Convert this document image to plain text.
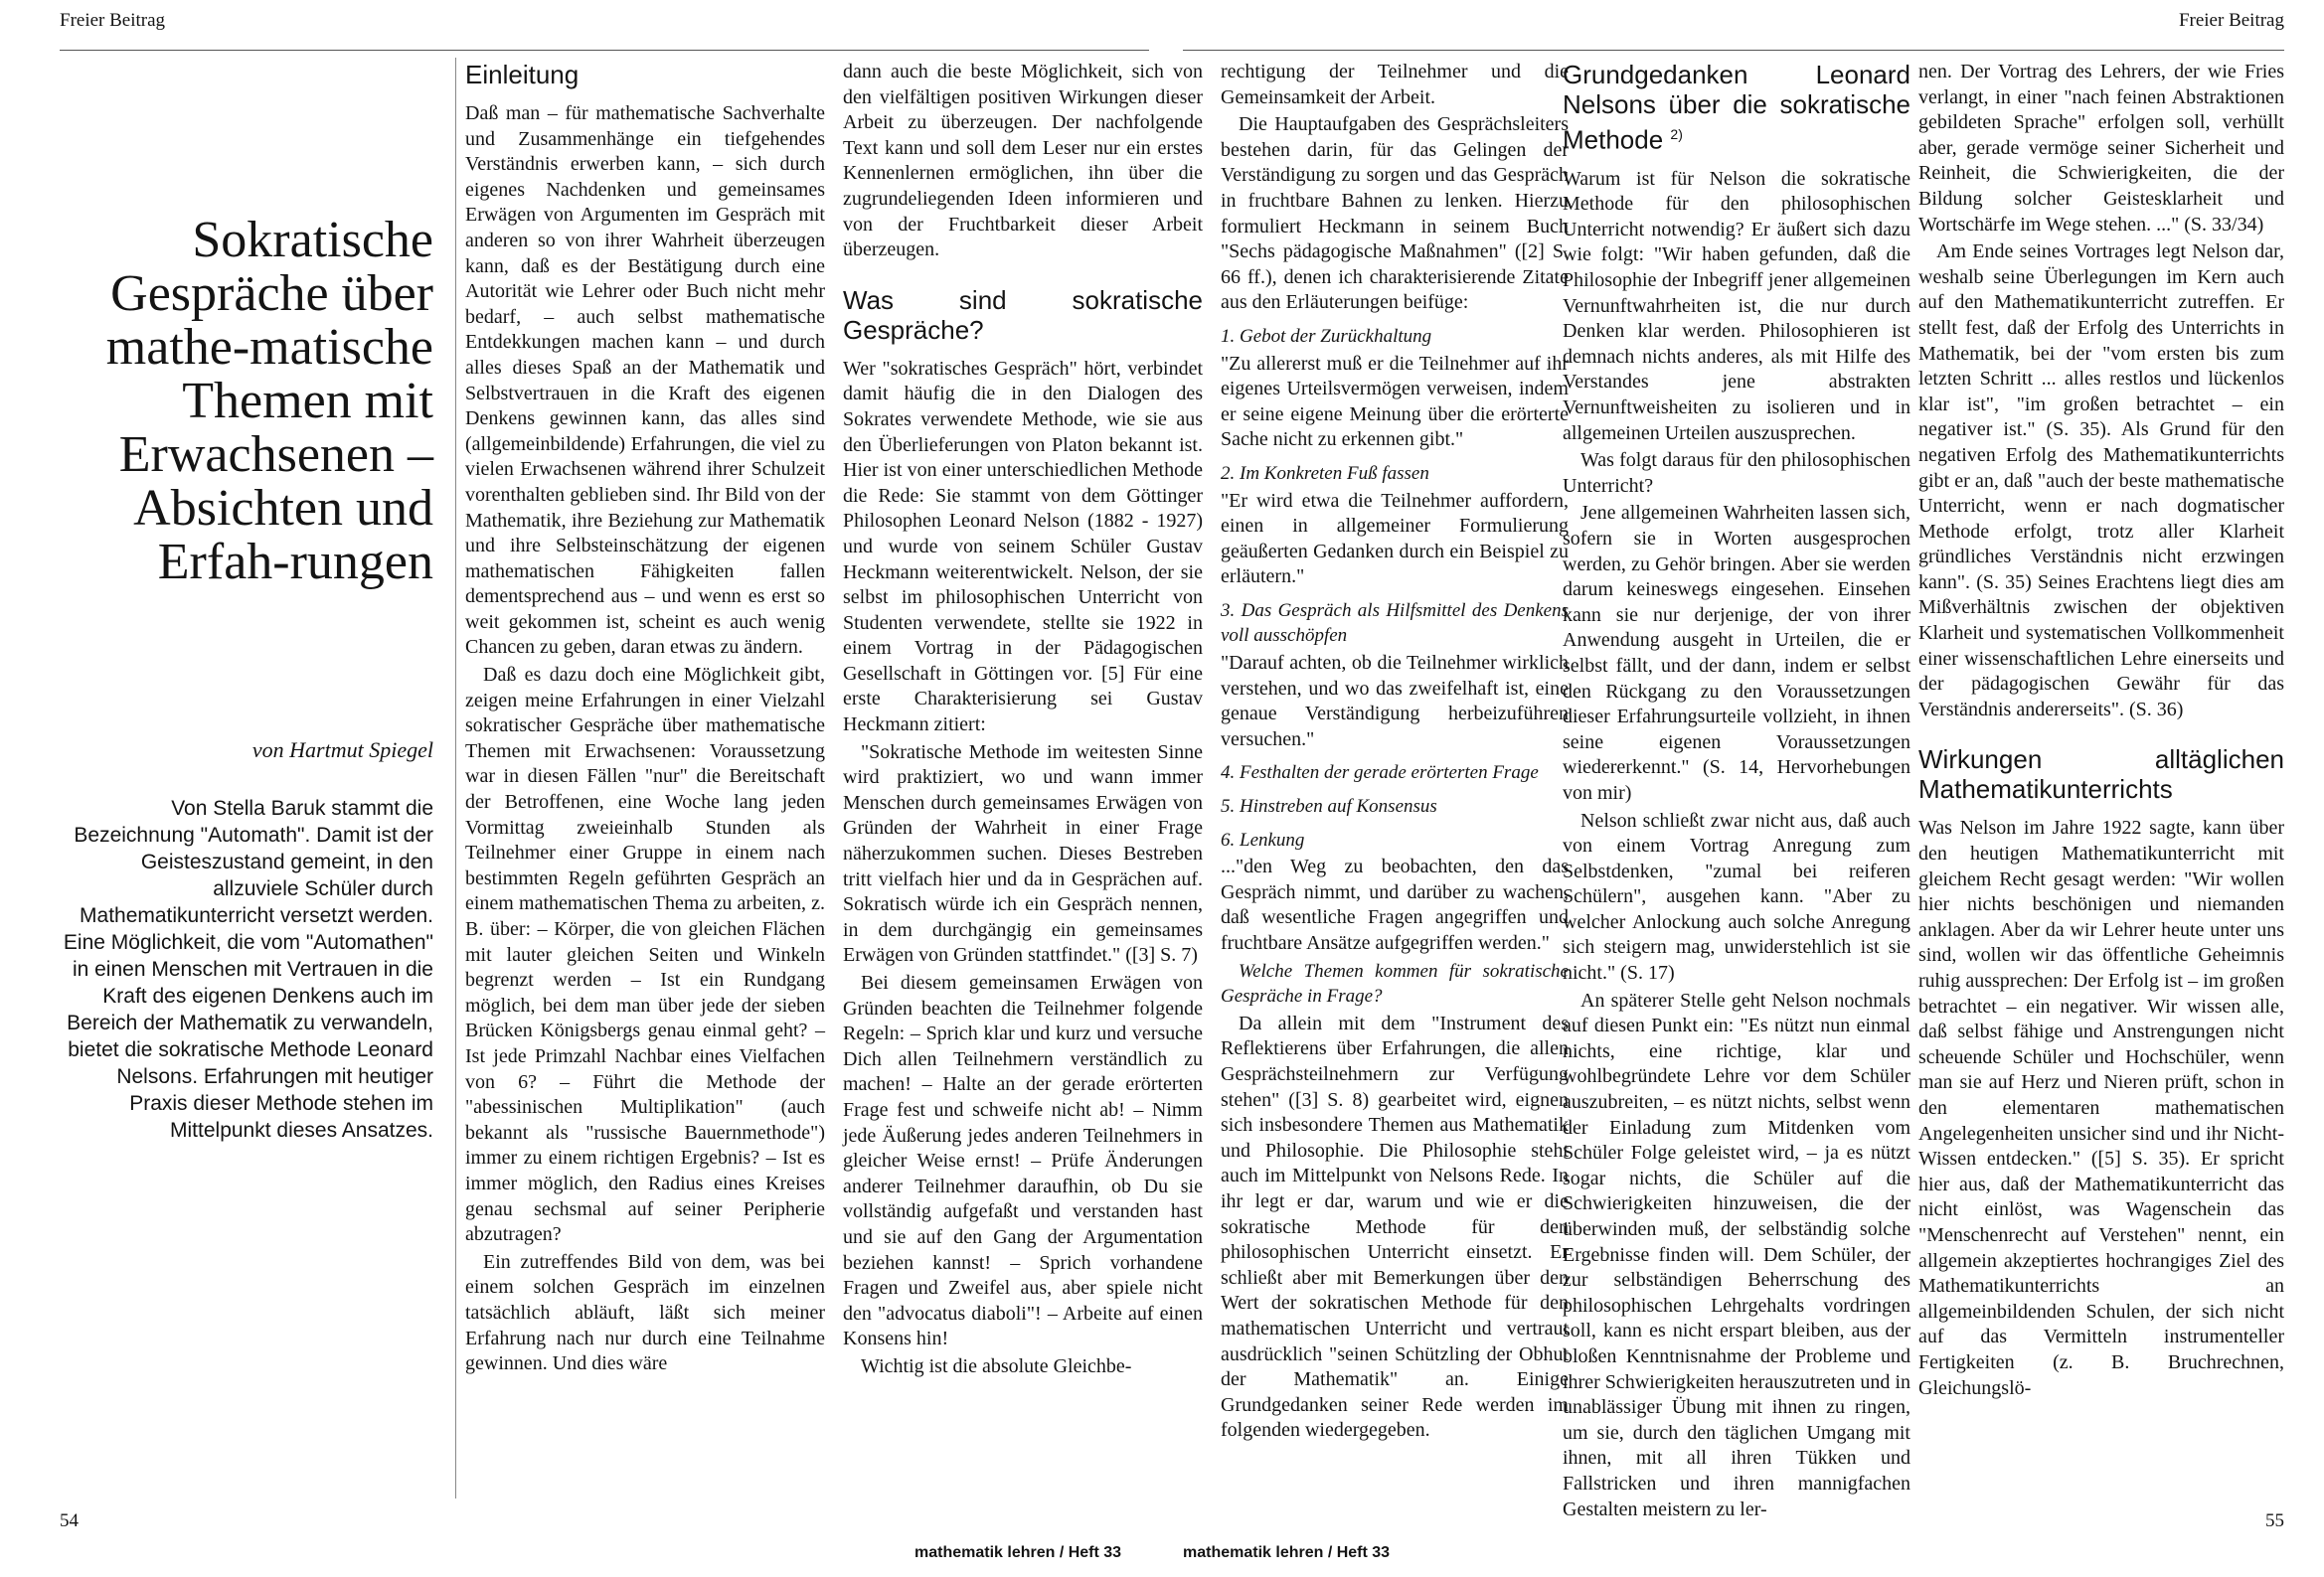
Freier Beitrag	Freier Beitrag
Sokratische Gespräche über mathe-matische Themen mit Erwachsenen – Absichten und Erfah-rungen
von Hartmut Spiegel
Von Stella Baruk stammt die Bezeichnung "Automath". Damit ist der Geisteszustand gemeint, in den allzuviele Schüler durch Mathematikunterricht versetzt werden. Eine Möglichkeit, die vom "Automathen" in einen Menschen mit Vertrauen in die Kraft des eigenen Denkens auch im Bereich der Mathematik zu verwandeln, bietet die sokratische Methode Leonard Nelsons. Erfahrungen mit heutiger Praxis dieser Methode stehen im Mittelpunkt dieses Ansatzes.
Einleitung

Daß man – für mathematische Sachverhalte und Zusammenhänge ein tiefgehendes Verständnis erwerben kann, – sich durch eigenes Nachdenken und gemeinsames Erwägen von Argumenten im Gespräch mit anderen so von ihrer Wahrheit überzeugen kann, daß es der Bestätigung durch eine Autorität wie Lehrer oder Buch nicht mehr bedarf, – auch selbst mathematische Entdekkungen machen kann – und durch alles dieses Spaß an der Mathematik und Selbstvertrauen in die Kraft des eigenen Denkens gewinnen kann, das alles sind (allgemeinbildende) Erfahrungen, die viel zu vielen Erwachsenen während ihrer Schulzeit vorenthalten geblieben sind. Ihr Bild von der Mathematik, ihre Beziehung zur Mathematik und ihre Selbsteinschätzung der eigenen mathematischen Fähigkeiten fallen dementsprechend aus – und wenn es erst so weit gekommen ist, scheint es auch wenig Chancen zu geben, daran etwas zu ändern.

Daß es dazu doch eine Möglichkeit gibt, zeigen meine Erfahrungen in einer Vielzahl sokratischer Gespräche über mathematische Themen mit Erwachsenen: Voraussetzung war in diesen Fällen "nur" die Bereitschaft der Betroffenen, eine Woche lang jeden Vormittag zweieinhalb Stunden als Teilnehmer einer Gruppe in einem nach bestimmten Regeln geführten Gespräch an einem mathematischen Thema zu arbeiten, z. B. über: – Körper, die von gleichen Flächen mit lauter gleichen Seiten und Winkeln begrenzt werden – Ist ein Rundgang möglich, bei dem man über jede der sieben Brücken Königsbergs genau einmal geht? – Ist jede Primzahl Nachbar eines Vielfachen von 6? – Führt die Methode der "abessinischen Multiplikation" (auch bekannt als "russische Bauernmethode") immer zu einem richtigen Ergebnis? – Ist es immer möglich, den Radius eines Kreises genau sechsmal auf seiner Peripherie abzutragen?

Ein zutreffendes Bild von dem, was bei einem solchen Gespräch im einzelnen tatsächlich abläuft, läßt sich meiner Erfahrung nach nur durch eine Teilnahme gewinnen. Und dies wäre

dann auch die beste Möglichkeit, sich von den vielfältigen positiven Wirkungen dieser Arbeit zu überzeugen. Der nachfolgende Text kann und soll dem Leser nur ein erstes Kennenlernen ermöglichen, ihn über die zugrundeliegenden Ideen informieren und von der Fruchtbarkeit dieser Arbeit überzeugen.

Was sind sokratische Gespräche?

Wer "sokratisches Gespräch" hört, verbindet damit häufig die in den Dialogen des Sokrates verwendete Methode, wie sie aus den Überlieferungen von Platon bekannt ist. Hier ist von einer unterschiedlichen Methode die Rede: Sie stammt von dem Göttinger Philosophen Leonard Nelson (1882 - 1927) und wurde von seinem Schüler Gustav Heckmann weiterentwickelt. Nelson, der sie selbst im philosophischen Unterricht von Studenten verwendete, stellte sie 1922 in einem Vortrag in der Pädagogischen Gesellschaft in Göttingen vor. [5] Für eine erste Charakterisierung sei Gustav Heckmann zitiert:

"Sokratische Methode im weitesten Sinne wird praktiziert, wo und wann immer Menschen durch gemeinsames Erwägen von Gründen der Wahrheit in einer Frage näherzukommen suchen. Dieses Bestreben tritt vielfach hier und da in Gesprächen auf. Sokratisch würde ich ein Gespräch nennen, in dem durchgängig ein gemeinsames Erwägen von Gründen stattfindet." ([3] S. 7)

Bei diesem gemeinsamen Erwägen von Gründen beachten die Teilnehmer folgende Regeln: – Sprich klar und kurz und versuche Dich allen Teilnehmern verständlich zu machen! – Halte an der gerade erörterten Frage fest und schweife nicht ab! – Nimm jede Äußerung jedes anderen Teilnehmers in gleicher Weise ernst! – Prüfe Änderungen anderer Teilnehmer daraufhin, ob Du sie vollständig aufgefaßt und verstanden hast und sie auf den Gang der Argumentation beziehen kannst! – Sprich vorhandene Fragen und Zweifel aus, aber spiele nicht den "advocatus diaboli"! – Arbeite auf einen Konsens hin!

Wichtig ist die absolute Gleichbe-

rechtigung der Teilnehmer und die Gemeinsamkeit der Arbeit.

Die Hauptaufgaben des Gesprächsleiters bestehen darin, für das Gelingen der Verständigung zu sorgen und das Gespräch in fruchtbare Bahnen zu lenken. Hierzu formuliert Heckmann in seinem Buch "Sechs pädagogische Maßnahmen" ([2] S. 66 ff.), denen ich charakterisierende Zitate aus den Erläuterungen beifüge:

1. Gebot der Zurückhaltung

"Zu allererst muß er die Teilnehmer auf ihr eigenes Urteilsvermögen verweisen, indem er seine eigene Meinung über die erörterte Sache nicht zu erkennen gibt."

2. Im Konkreten Fuß fassen

"Er wird etwa die Teilnehmer auffordern, einen in allgemeiner Formulierung geäußerten Gedanken durch ein Beispiel zu erläutern."

3. Das Gespräch als Hilfsmittel des Denkens voll ausschöpfen

"Darauf achten, ob die Teilnehmer wirklich verstehen, und wo das zweifelhaft ist, eine genaue Verständigung herbeizuführen versuchen."

4. Festhalten der gerade erörterten Frage

5. Hinstreben auf Konsensus

6. Lenkung

..."den Weg zu beobachten, den das Gespräch nimmt, und darüber zu wachen, daß wesentliche Fragen angegriffen und fruchtbare Ansätze aufgegriffen werden."

Welche Themen kommen für sokratische Gespräche in Frage?

Da allein mit dem "Instrument des Reflektierens über Erfahrungen, die allen Gesprächsteilnehmern zur Verfügung stehen" ([3] S. 8) gearbeitet wird, eignen sich insbesondere Themen aus Mathematik und Philosophie. Die Philosophie steht auch im Mittelpunkt von Nelsons Rede. In ihr legt er dar, warum und wie er die sokratische Methode für den philosophischen Unterricht einsetzt. Er schließt aber mit Bemerkungen über den Wert der sokratischen Methode für den mathematischen Unterricht und vertraut ausdrücklich "seinen Schützling der Obhut der Mathematik" an. Einige Grundgedanken seiner Rede werden im folgenden wiedergegeben.

Grundgedanken Leonard Nelsons über die sokratische Methode $^{2)}$

Warum ist für Nelson die sokratische Methode für den philosophischen Unterricht notwendig? Er äußert sich dazu wie folgt: "Wir haben gefunden, daß die Philosophie der Inbegriff jener allgemeinen Vernunftwahrheiten ist, die nur durch Denken klar werden. Philosophieren ist demnach nichts anderes, als mit Hilfe des Verstandes jene abstrakten Vernunftweisheiten zu isolieren und in allgemeinen Urteilen auszusprechen.

Was folgt daraus für den philosophischen Unterricht?

Jene allgemeinen Wahrheiten lassen sich, sofern sie in Worten ausgesprochen werden, zu Gehör bringen. Aber sie werden darum keineswegs eingesehen. Einsehen kann sie nur derjenige, der von ihrer Anwendung ausgeht in Urteilen, die er selbst fällt, und der dann, indem er selbst den Rückgang zu den Voraussetzungen dieser Erfahrungsurteile vollzieht, in ihnen seine eigenen Voraussetzungen wiedererkennt." (S. 14, Hervorhebungen von mir)

Nelson schließt zwar nicht aus, daß auch von einem Vortrag Anregung zum Selbstdenken, "zumal bei reiferen Schülern", ausgehen kann. "Aber zu welcher Anlockung auch solche Anregung sich steigern mag, unwiderstehlich ist sie nicht." (S. 17)

An späterer Stelle geht Nelson nochmals auf diesen Punkt ein: "Es nützt nun einmal nichts, eine richtige, klar und wohlbegründete Lehre vor dem Schüler auszubreiten, – es nützt nichts, selbst wenn der Einladung zum Mitdenken vom Schüler Folge geleistet wird, – ja es nützt sogar nichts, die Schüler auf die Schwierigkeiten hinzuweisen, die der überwinden muß, der selbständig solche Ergebnisse finden will. Dem Schüler, der zur selbständigen Beherrschung des philosophischen Lehrgehalts vordringen soll, kann es nicht erspart bleiben, aus der bloßen Kenntnisnahme der Probleme und ihrer Schwierigkeiten herauszutreten und in unablässiger Übung mit ihnen zu ringen, um sie, durch den täglichen Umgang mit ihnen, mit all ihren Tükken und Fallstricken und ihren mannigfachen Gestalten meistern zu ler-

nen. Der Vortrag des Lehrers, der wie Fries verlangt, in einer "nach feinen Abstraktionen gebildeten Sprache" erfolgen soll, verhüllt aber, gerade vermöge seiner Sicherheit und Reinheit, die Schwierigkeiten, die der Bildung solcher Geistesklarheit und Wortschärfe im Wege stehen. ..." (S. 33/34)

Am Ende seines Vortrages legt Nelson dar, weshalb seine Überlegungen im Kern auch auf den Mathematikunterricht zutreffen. Er stellt fest, daß der Erfolg des Unterrichts in Mathematik, bei der "vom ersten bis zum letzten Schritt ... alles restlos und lückenlos klar ist", "im großen betrachtet – ein negativer ist." (S. 35). Als Grund für den negativen Erfolg des Mathematikunterrichts gibt er an, daß "auch der beste mathematische Unterricht, wenn er nach dogmatischer Methode erfolgt, trotz aller Klarheit gründliches Verständnis nicht erzwingen kann". (S. 35) Seines Erachtens liegt dies am Mißverhältnis zwischen der objektiven Klarheit und systematischen Vollkommenheit einer wissenschaftlichen Lehre einerseits und der pädagogischen Gewähr für das Verständnis andererseits". (S. 36)

Wirkungen alltäglichen Mathematikunterrichts

Was Nelson im Jahre 1922 sagte, kann über den heutigen Mathematikunterricht mit gleichem Recht gesagt werden: "Wir wollen hier nichts beschönigen und niemanden anklagen. Aber da wir Lehrer heute unter uns sind, wollen wir das öffentliche Geheimnis ruhig aussprechen: Der Erfolg ist – im großen betrachtet – ein negativer. Wir wissen alle, daß selbst fähige und Anstrengungen nicht scheuende Schüler und Hochschüler, wenn man sie auf Herz und Nieren prüft, schon in den elementaren mathematischen Angelegenheiten unsicher sind und ihr Nicht-Wissen entdecken." ([5] S. 35). Er spricht hier aus, daß der Mathematikunterricht das nicht einlöst, was Wagenschein das "Menschenrecht auf Verstehen" nennt, ein allgemein akzeptiertes hochrangiges Ziel des Mathematikunterrichts an allgemeinbildenden Schulen, der sich nicht auf das Vermitteln instrumenteller Fertigkeiten (z. B. Bruchrechnen, Gleichungslö-

54	55
mathematik lehren / Heft 33	mathematik lehren / Heft 33
